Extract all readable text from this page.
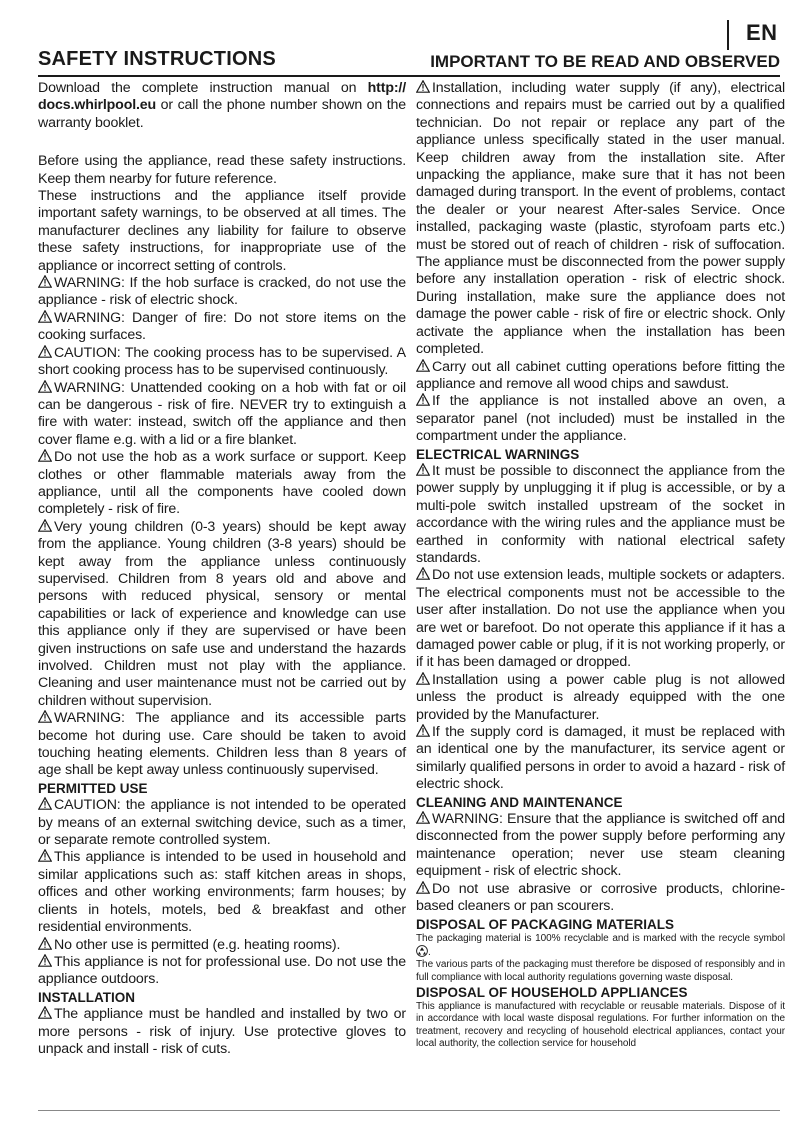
EN
SAFETY INSTRUCTIONS	IMPORTANT TO BE READ AND OBSERVED

Download the complete instruction manual on http:// docs.whirlpool.eu or call the phone number shown on the warranty booklet.

Before using the appliance, read these safety instructions. Keep them nearby for future reference.

These instructions and the appliance itself provide important safety warnings, to be observed at all times. The manufacturer declines any liability for failure to observe these safety instructions, for inappropriate use of the appliance or incorrect setting of controls.

WARNING: If the hob surface is cracked, do not use the appliance - risk of electric shock.

WARNING: Danger of fire: Do not store items on the cooking surfaces.

CAUTION: The cooking process has to be supervised. A short cooking process has to be supervised continuously.

WARNING: Unattended cooking on a hob with fat or oil can be dangerous - risk of fire. NEVER try to extinguish a fire with water: instead, switch off the appliance and then cover flame e.g. with a lid or a fire blanket.

Do not use the hob as a work surface or support. Keep clothes or other flammable materials away from the appliance, until all the components have cooled down completely - risk of fire.

Very young children (0-3 years) should be kept away from the appliance. Young children (3-8 years) should be kept away from the appliance unless continuously supervised. Children from 8 years old and above and persons with reduced physical, sensory or mental capabilities or lack of experience and knowledge can use this appliance only if they are supervised or have been given instructions on safe use and understand the hazards involved. Children must not play with the appliance. Cleaning and user maintenance must not be carried out by children without supervision.

WARNING: The appliance and its accessible parts become hot during use. Care should be taken to avoid touching heating elements. Children less than 8 years of age shall be kept away unless continuously supervised.

PERMITTED USE

CAUTION: the appliance is not intended to be operated by means of an external switching device, such as a timer, or separate remote controlled system.

This appliance is intended to be used in household and similar applications such as: staff kitchen areas in shops, offices and other working environments; farm houses; by clients in hotels, motels, bed & breakfast and other residential environments.

No other use is permitted (e.g. heating rooms).

This appliance is not for professional use. Do not use the appliance outdoors.

INSTALLATION

The appliance must be handled and installed by two or more persons - risk of injury. Use protective gloves to unpack and install - risk of cuts.

Installation, including water supply (if any), electrical connections and repairs must be carried out by a qualified technician. Do not repair or replace any part of the appliance unless specifically stated in the user manual. Keep children away from the installation site. After unpacking the appliance, make sure that it has not been damaged during transport. In the event of problems, contact the dealer or your nearest After-sales Service. Once installed, packaging waste (plastic, styrofoam parts etc.) must be stored out of reach of children - risk of suffocation. The appliance must be disconnected from the power supply before any installation operation - risk of electric shock. During installation, make sure the appliance does not damage the power cable - risk of fire or electric shock. Only activate the appliance when the installation has been completed.

Carry out all cabinet cutting operations before fitting the appliance and remove all wood chips and sawdust.

If the appliance is not installed above an oven, a separator panel (not included) must be installed in the compartment under the appliance.

ELECTRICAL WARNINGS

It must be possible to disconnect the appliance from the power supply by unplugging it if plug is accessible, or by a multi-pole switch installed upstream of the socket in accordance with the wiring rules and the appliance must be earthed in conformity with national electrical safety standards.

Do not use extension leads, multiple sockets or adapters. The electrical components must not be accessible to the user after installation. Do not use the appliance when you are wet or barefoot. Do not operate this appliance if it has a damaged power cable or plug, if it is not working properly, or if it has been damaged or dropped.

Installation using a power cable plug is not allowed unless the product is already equipped with the one provided by the Manufacturer.

If the supply cord is damaged, it must be replaced with an identical one by the manufacturer, its service agent or similarly qualified persons in order to avoid a hazard - risk of electric shock.

CLEANING AND MAINTENANCE

WARNING: Ensure that the appliance is switched off and disconnected from the power supply before performing any maintenance operation; never use steam cleaning equipment - risk of electric shock.

Do not use abrasive or corrosive products, chlorine-based cleaners or pan scourers.

DISPOSAL OF PACKAGING MATERIALS

The packaging material is 100% recyclable and is marked with the recycle symbol .

The various parts of the packaging must therefore be disposed of responsibly and in full compliance with local authority regulations governing waste disposal.

DISPOSAL OF HOUSEHOLD APPLIANCES

This appliance is manufactured with recyclable or reusable materials. Dispose of it in accordance with local waste disposal regulations. For further information on the treatment, recovery and recycling of household electrical appliances, contact your local authority, the collection service for household
